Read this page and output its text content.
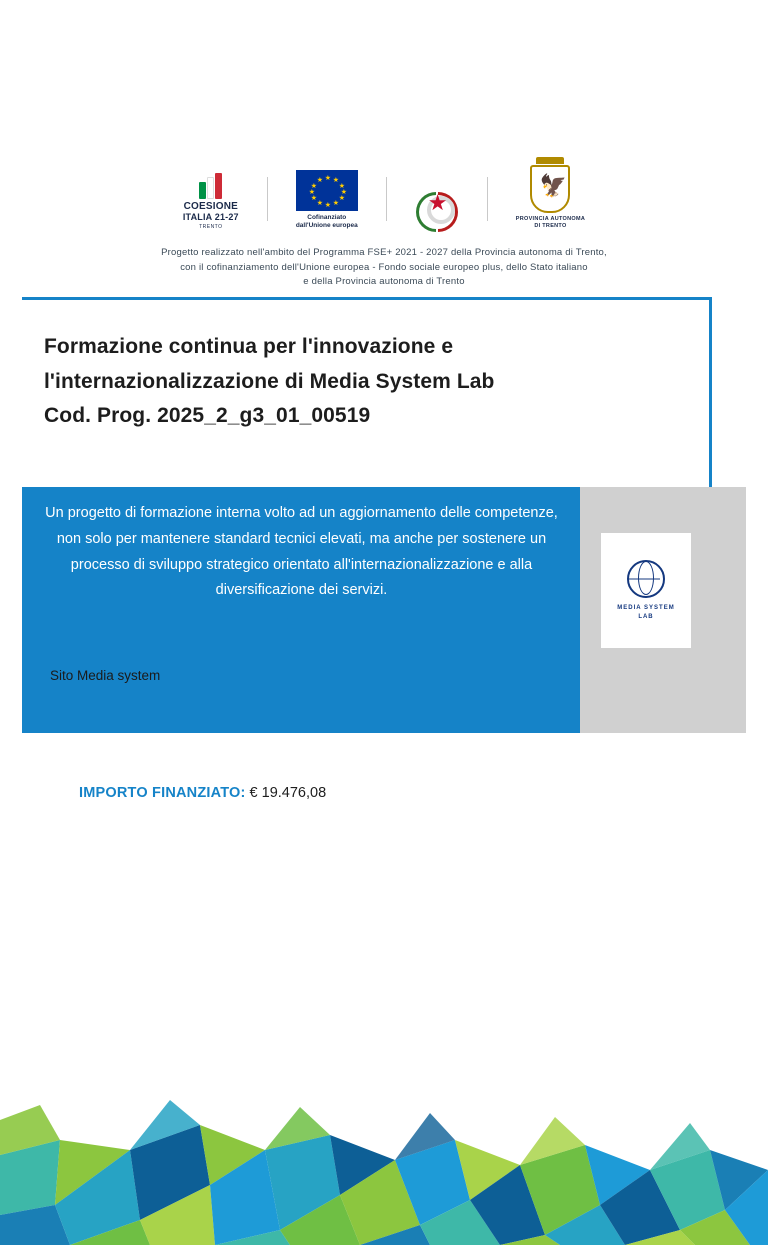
COESIONE
ITALIA 21-27
TRENTO
★
★ ★
★	★
★	★
★	★
★ ★
★
Cofinanziato
dall'Unione europea
★
🦅
PROVINCIA AUTONOMA
DI TRENTO
Progetto realizzato nell'ambito del Programma FSE+ 2021 - 2027 della Provincia autonoma di Trento,
con il cofinanziamento dell'Unione europea - Fondo sociale europeo plus, dello Stato italiano
e della Provincia autonoma di Trento
Formazione continua per l'innovazione e
l'internazionalizzazione di Media System Lab
Cod. Prog. 2025_2_g3_01_00519
Un progetto di formazione interna volto ad un aggiornamento delle competenze, non solo per mantenere standard tecnici elevati, ma anche per sostenere un processo di sviluppo strategico orientato all'internazionalizzazione e alla diversificazione dei servizi.
Sito Media system
MEDIA SYSTEM
LAB
IMPORTO FINANZIATO: € 19.476,08
